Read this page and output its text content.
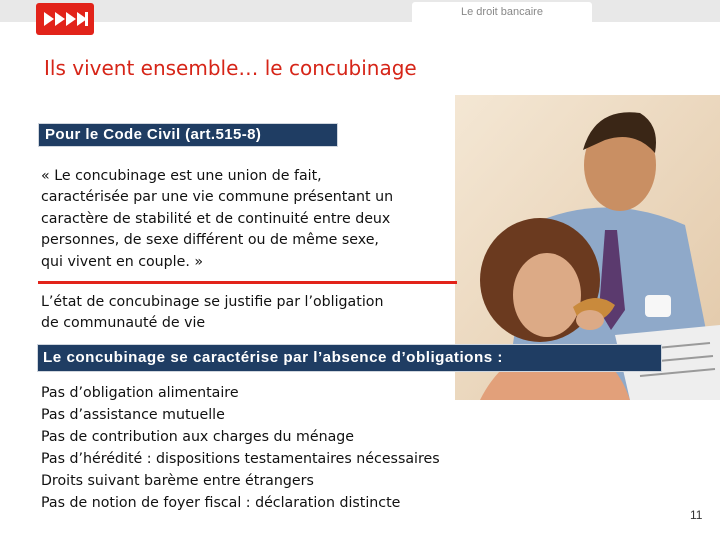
Le droit bancaire
Ils vivent ensemble… le concubinage
Pour le Code Civil (art.515-8)
« Le concubinage est une union de fait,
caractérisée par une vie commune présentant un
caractère de stabilité et de continuité entre deux
personnes, de sexe différent ou de même sexe,
qui vivent en couple. »
L’état de concubinage se justifie par l’obligation
de communauté de vie
Le concubinage se caractérise par l’absence d’obligations :
Pas d’obligation alimentaire
Pas d’assistance mutuelle
Pas de contribution aux charges du ménage
Pas d’hérédité : dispositions testamentaires nécessaires
Droits suivant barème entre étrangers
Pas de notion de foyer fiscal : déclaration distincte
11
